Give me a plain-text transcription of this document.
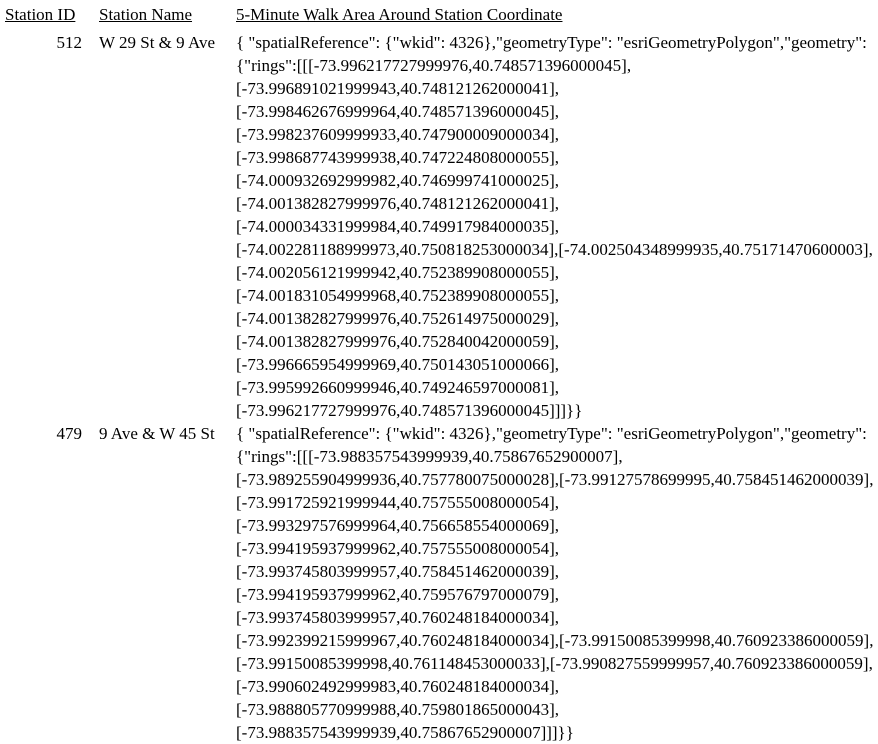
Station ID	Station Name	5-Minute Walk Area Around Station Coordinate
512	W 29 St & 9 Ave	{ "spatialReference": {"wkid": 4326},"geometryType": "esriGeometryPolygon","geometry": {"rings":[[[-73.996217727999976,40.748571396000045],[-73.996891021999943,40.748121262000041],[-73.998462676999964,40.748571396000045],[-73.998237609999933,40.747900009000034],[-73.998687743999938,40.747224808000055],[-74.000932692999982,40.746999741000025],[-74.001382827999976,40.748121262000041],[-74.000034331999984,40.749917984000035],[-74.002281188999973,40.750818253000034],[-74.002504348999935,40.75171470600003],[-74.002056121999942,40.752389908000055],[-74.001831054999968,40.752389908000055],[-74.001382827999976,40.752614975000029],[-74.001382827999976,40.752840042000059],[-73.996665954999969,40.750143051000066],[-73.995992660999946,40.749246597000081],[-73.996217727999976,40.748571396000045]]]}}
479	9 Ave & W 45 St	{ "spatialReference": {"wkid": 4326},"geometryType": "esriGeometryPolygon","geometry": {"rings":[[[-73.988357543999939,40.75867652900007],[-73.989255904999936,40.757780075000028],[-73.99127578699995,40.758451462000039],[-73.991725921999944,40.757555008000054],[-73.993297576999964,40.756658554000069],[-73.994195937999962,40.757555008000054],[-73.993745803999957,40.758451462000039],[-73.994195937999962,40.759576797000079],[-73.993745803999957,40.760248184000034],[-73.992399215999967,40.760248184000034],[-73.99150085399998,40.760923386000059],[-73.99150085399998,40.761148453000033],[-73.990827559999957,40.760923386000059],[-73.990602492999983,40.760248184000034],[-73.988805770999988,40.759801865000043],[-73.988357543999939,40.75867652900007]]]}}
